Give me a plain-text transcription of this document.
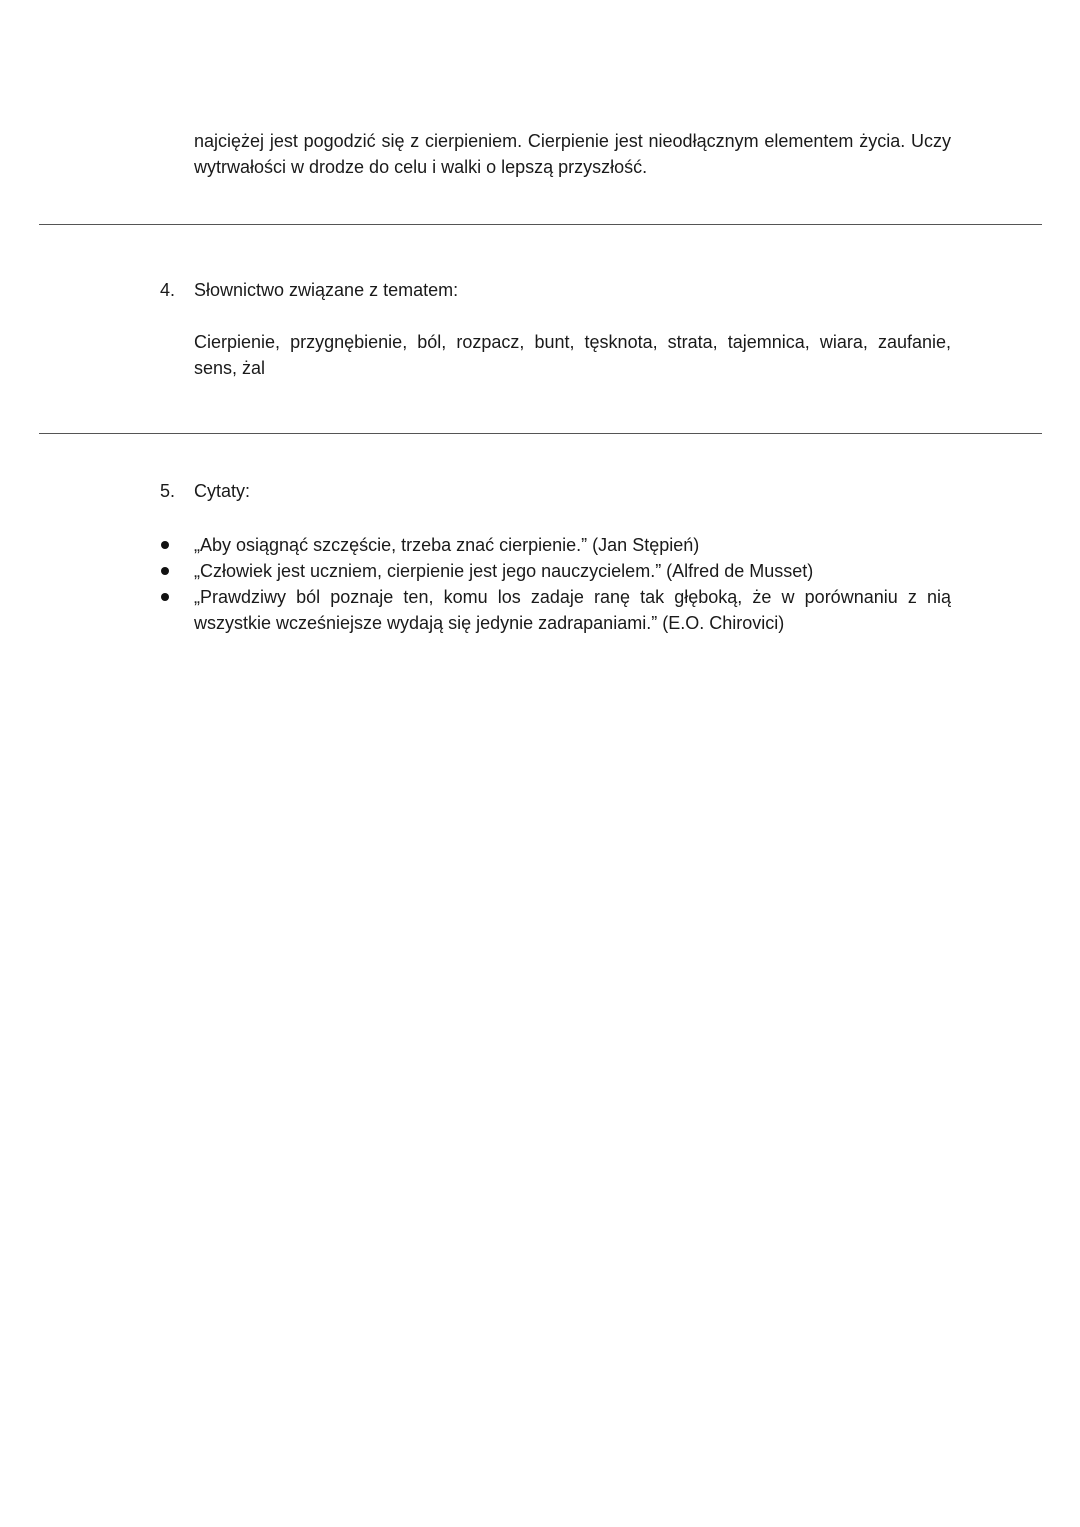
najciężej jest pogodzić się z cierpieniem. Cierpienie jest nieodłącznym elementem życia. Uczy wytrwałości w drodze do celu i walki o lepszą przyszłość.

4. Słownictwo związane z tematem:

Cierpienie, przygnębienie, ból, rozpacz, bunt, tęsknota, strata, tajemnica, wiara, zaufanie, sens, żal

5. Cytaty:

„Aby osiągnąć szczęście, trzeba znać cierpienie.” (Jan Stępień)
„Człowiek jest uczniem, cierpienie jest jego nauczycielem.” (Alfred de Musset)
„Prawdziwy ból poznaje ten, komu los zadaje ranę tak głęboką, że w porównaniu z nią wszystkie wcześniejsze wydają się jedynie zadrapaniami.” (E.O. Chirovici)
